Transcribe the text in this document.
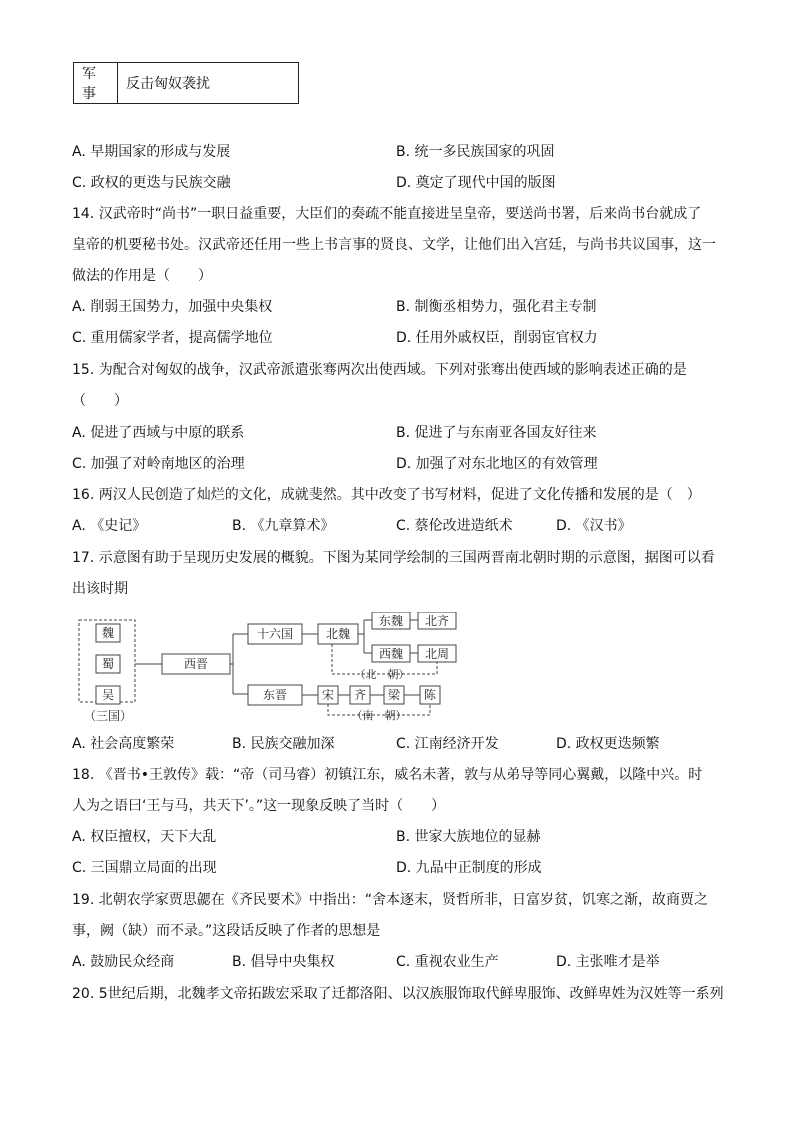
军事	反击匈奴袭扰
A. 早期国家的形成与发展	B. 统一多民族国家的巩固
C. 政权的更迭与民族交融	D. 奠定了现代中国的版图
14. 汉武帝时“尚书”一职日益重要，大臣们的奏疏不能直接进呈皇帝，要送尚书署，后来尚书台就成了
皇帝的机要秘书处。汉武帝还任用一些上书言事的贤良、文学，让他们出入宫廷，与尚书共议国事，这一
做法的作用是（　　）
A. 削弱王国势力，加强中央集权	B. 制衡丞相势力，强化君主专制
C. 重用儒家学者，提高儒学地位	D. 任用外戚权臣，削弱宦官权力
15. 为配合对匈奴的战争，汉武帝派遣张骞两次出使西域。下列对张骞出使西域的影响表述正确的是
（　　）
A. 促进了西域与中原的联系	B. 促进了与东南亚各国友好往来
C. 加强了对岭南地区的治理	D. 加强了对东北地区的有效管理
16. 两汉人民创造了灿烂的文化，成就斐然。其中改变了书写材料，促进了文化传播和发展的是（　）
A. 《史记》	B. 《九章算术》	C. 蔡伦改进造纸术	D. 《汉书》
17. 示意图有助于呈现历史发展的概貌。下图为某同学绘制的三国两晋南北朝时期的示意图，据图可以看
出该时期
魏
蜀
吴
（三国）
西晋
十六国	北魏
东魏 北齐
西魏 北周
（北　朝）
东晋	宋 齐 梁 陈
（南　朝）
A. 社会高度繁荣	B. 民族交融加深	C. 江南经济开发	D. 政权更迭频繁
18. 《晋书•王敦传》载：“帝（司马睿）初镇江东，威名未著，敦与从弟导等同心翼戴，以隆中兴。时
人为之语曰‘王与马，共天下’。”这一现象反映了当时（　　）
A. 权臣擅权，天下大乱	B. 世家大族地位的显赫
C. 三国鼎立局面的出现	D. 九品中正制度的形成
19. 北朝农学家贾思勰在《齐民要术》中指出：“舍本逐末，贤哲所非，日富岁贫，饥寒之渐，故商贾之
事，阙（缺）而不录。”这段话反映了作者的思想是
A. 鼓励民众经商	B. 倡导中央集权	C. 重视农业生产	D. 主张唯才是举
20. 5世纪后期，北魏孝文帝拓跋宏采取了迁都洛阳、以汉族服饰取代鲜卑服饰、改鲜卑姓为汉姓等一系列
